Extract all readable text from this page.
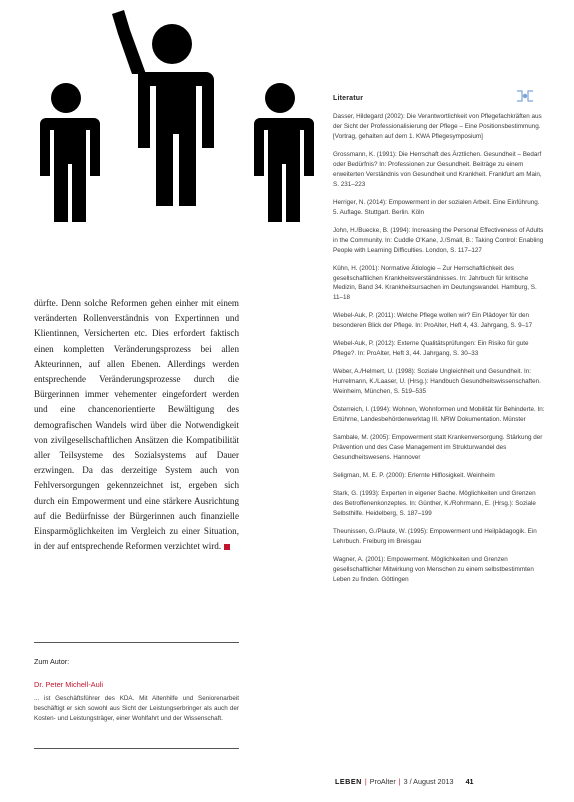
Literatur

Dasser, Hildegard (2002): Die Verantwortlichkeit von Pflegefachkräften aus der Sicht der Professionalisierung der Pflege – Eine Positionsbestimmung. [Vortrag, gehalten auf dem 1. KWA Pflegesymposium]

Grossmann, K. (1991): Die Herrschaft des Ärztlichen. Gesundheit – Bedarf oder Bedürfnis? In: Professionen zur Gesundheit. Beiträge zu einem erweiterten Verständnis von Gesundheit und Krankheit. Frankfurt am Main, S. 231–223

Herriger, N. (2014): Empowerment in der sozialen Arbeit. Eine Einführung. 5. Auflage. Stuttgart. Berlin. Köln

John, H./Buecke, B. (1994): Increasing the Personal Effectiveness of Adults in the Community. In: Cuddle O'Kane, J./Small, B.: Taking Control: Enabling People with Learning Difficulties. London, S. 117–127

Kühn, H. (2001): Normative Ätiologie – Zur Herrschaftlichkeit des gesellschaftlichen Krankheitsverständnisses. In: Jahrbuch für kritische Medizin, Band 34. Krankheitsursachen im Deutungswandel. Hamburg, S. 11–18

Wiebel-Auk, P. (2011): Welche Pflege wollen wir? Ein Plädoyer für den besonderen Blick der Pflege. In: ProAlter, Heft 4, 43. Jahrgang, S. 9–17

Wiebel-Auk, P. (2012): Externe Qualitätsprüfungen: Ein Risiko für gute Pflege?. In: ProAlter, Heft 3, 44. Jahrgang, S. 30–33

Weber, A./Helmert, U. (1998): Soziale Ungleichheit und Gesundheit. In: Hurrelmann, K./Laaser, U. (Hrsg.): Handbuch Gesundheitswissenschaften. Weinheim, München, S. 519–535

Österreich, I. (1994): Wohnen, Wohnformen und Mobilität für Behinderte. In: Ertührne, Landesbehördenwerktag III. NRW Dokumentation. Münster

Sambale, M. (2005): Empowerment statt Krankenversorgung. Stärkung der Prävention und des Case Management im Strukturwandel des Gesundheitswesens. Hannover

Seligman, M. E. P. (2000): Erlernte Hilflosigkeit. Weinheim

Stark, G. (1993): Experten in eigener Sache. Möglichkeiten und Grenzen des Betroffenenkonzeptes. In: Günther, K./Rohrmann, E. (Hrsg.): Soziale Selbsthilfe. Heidelberg, S. 187–199

Theunissen, G./Plaute, W. (1995): Empowerment und Heilpädagogik. Ein Lehrbuch. Freiburg im Breisgau

Wagner, A. (2001): Empowerment. Möglichkeiten und Grenzen gesellschaftlicher Mitwirkung von Menschen zu einem selbstbestimmten Leben zu finden. Göttingen

dürfte. Denn solche Reformen gehen einher mit einem veränderten Rollenverständnis von Expertinnen und Klientinnen, Versicherten etc. Dies erfordert faktisch einen kompletten Veränderungsprozess bei allen Akteurinnen, auf allen Ebenen. Allerdings werden entsprechende Veränderungsprozesse durch die Bürgerinnen immer vehementer eingefordert werden und eine chancenorientierte Bewältigung des demografischen Wandels wird über die Notwendigkeit von zivilgesellschaftlichen Ansätzen die Kompatibilität aller Teilsysteme des Sozialsystems auf Dauer erzwingen. Da das derzeitige System auch von Fehlversorgungen gekennzeichnet ist, ergeben sich durch ein Empowerment und eine stärkere Ausrichtung auf die Bedürfnisse der Bürgerinnen auch finanzielle Einsparmöglichkeiten im Vergleich zu einer Situation, in der auf entsprechende Reformen verzichtet wird.
Zum Autor:
Dr. Peter Michell-Auli
... ist Geschäftsführer des KDA. Mit Altenhilfe und Seniorenarbeit beschäftigt er sich sowohl aus Sicht der Leistungserbringer als auch der Kosten- und Leistungsträger, einer Wohlfahrt und der Wissenschaft.
LEBEN | ProAlter | 3 / August 2013 41
